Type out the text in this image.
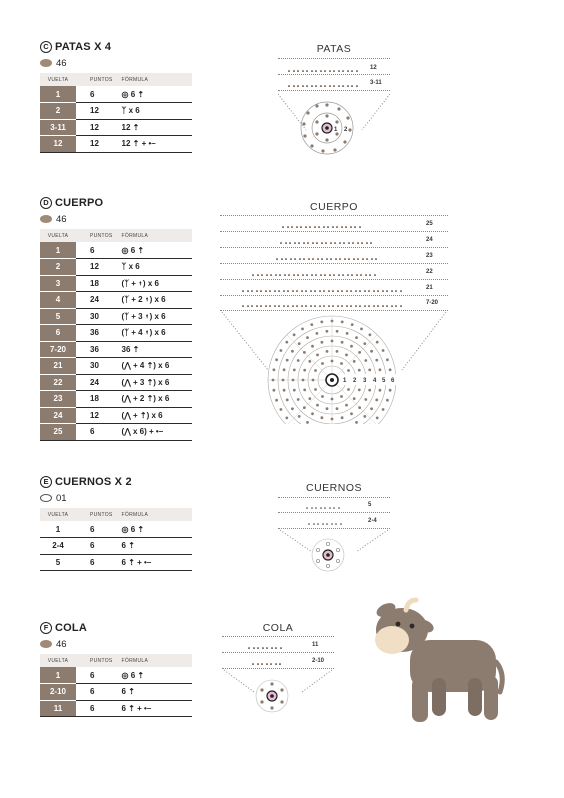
C PATAS X 4
46
VUELTA	PUNTOS	FÓRMULA
1	6	◎ 6 ⇡
2	12	ᛉ x 6
3-11	12	12 ⇡
12	12	12 ⇡ + •–
D CUERPO
46
VUELTA	PUNTOS	FÓRMULA
1	6	◎ 6 ⇡
2	12	ᛉ x 6
3	18	(ᛉ + ⇡) x 6
4	24	(ᛉ + 2 ⇡) x 6
5	30	(ᛉ + 3 ⇡) x 6
6	36	(ᛉ + 4 ⇡) x 6
7-20	36	36 ⇡
21	30	(⋀ + 4 ⇡) x 6
22	24	(⋀ + 3 ⇡) x 6
23	18	(⋀ + 2 ⇡) x 6
24	12	(⋀ + ⇡) x 6
25	6	(⋀ x 6) + •–
E CUERNOS X 2
01
VUELTA	PUNTOS	FÓRMULA
1	6	◎ 6 ⇡
2-4	6	6 ⇡
5	6	6 ⇡ + •–
F COLA
46
VUELTA	PUNTOS	FÓRMULA
1	6	◎ 6 ⇡
2-10	6	6 ⇡
11	6	6 ⇡ + •–
PATAS
12
3-11
1 2
CUERPO
25
24
23
22
21
7-20
1 2 3 4 5 6
CUERNOS
5
2-4
COLA
11
2-10
